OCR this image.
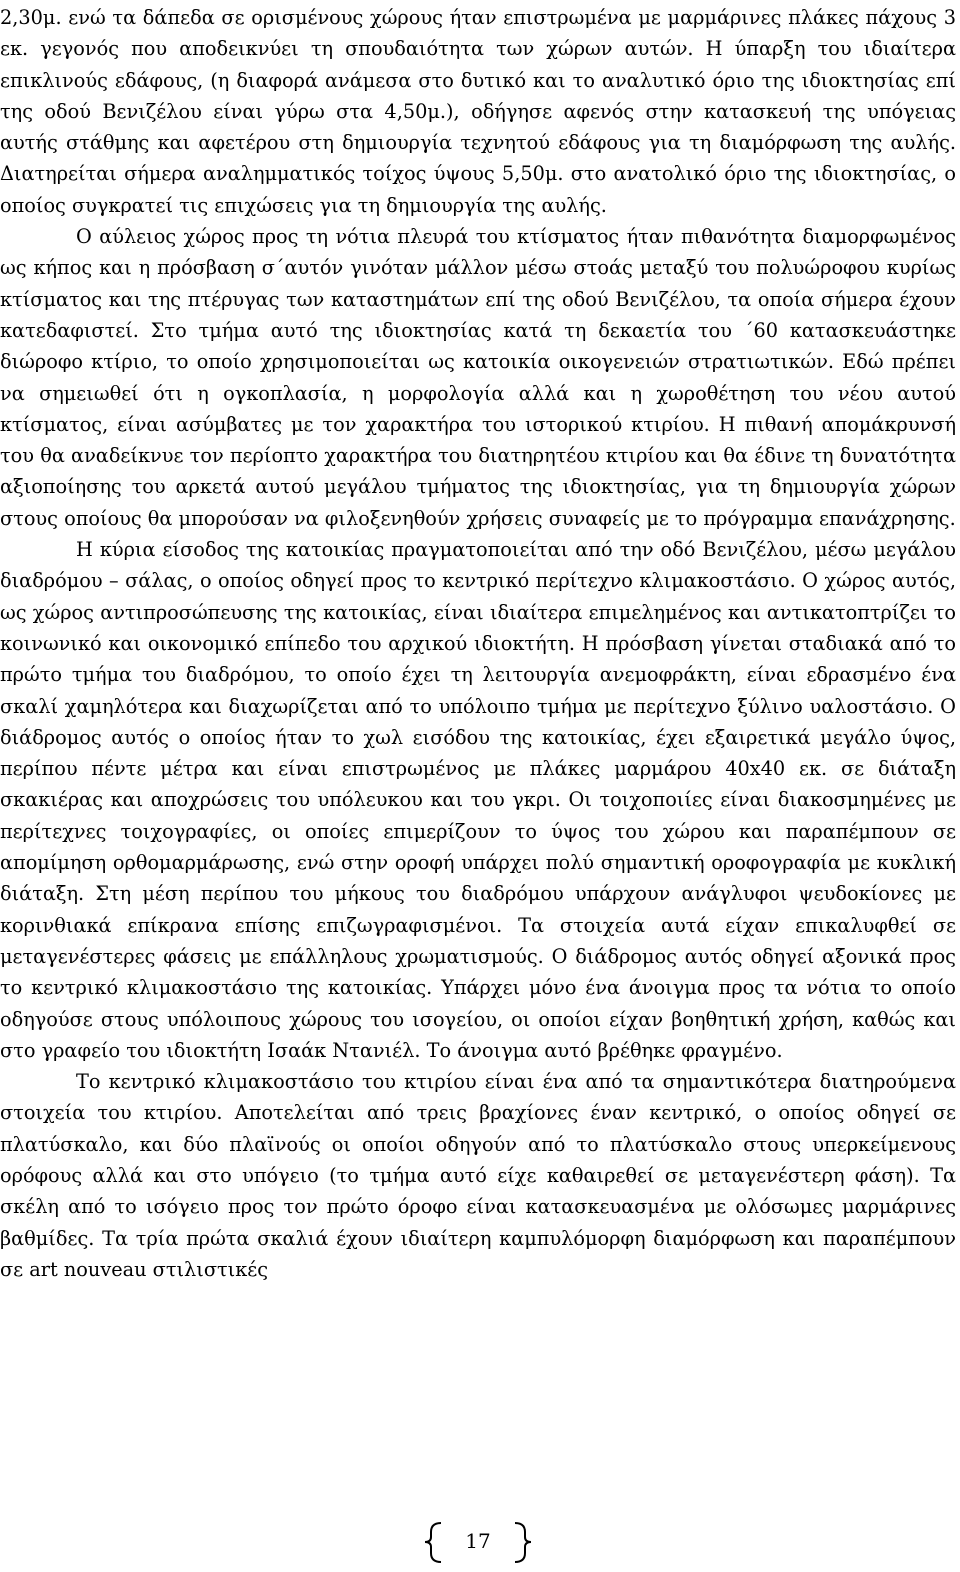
2,30μ. ενώ τα δάπεδα σε ορισμένους χώρους ήταν επιστρωμένα με μαρμάρινες πλάκες πάχους 3 εκ. γεγονός που αποδεικνύει τη σπουδαιότητα των χώρων αυτών. Η ύπαρξη του ιδιαίτερα επικλινούς εδάφους, (η διαφορά ανάμεσα στο δυτικό και το αναλυτικό όριο της ιδιοκτησίας επί της οδού Βενιζέλου είναι γύρω στα 4,50μ.), οδήγησε αφενός στην κατασκευή της υπόγειας αυτής στάθμης και αφετέρου στη δημιουργία τεχνητού εδάφους για τη διαμόρφωση της αυλής. Διατηρείται σήμερα αναλημματικός τοίχος ύψους 5,50μ. στο ανατολικό όριο της ιδιοκτησίας, ο οποίος συγκρατεί τις επιχώσεις για τη δημιουργία της αυλής.

Ο αύλειος χώρος προς τη νότια πλευρά του κτίσματος ήταν πιθανότητα διαμορφωμένος ως κήπος και η πρόσβαση σ΄αυτόν γινόταν μάλλον μέσω στοάς μεταξύ του πολυώροφου κυρίως κτίσματος και της πτέρυγας των καταστημάτων επί της οδού Βενιζέλου, τα οποία σήμερα έχουν κατεδαφιστεί. Στο τμήμα αυτό της ιδιοκτησίας κατά τη δεκαετία του ΄60 κατασκευάστηκε διώροφο κτίριο, το οποίο χρησιμοποιείται ως κατοικία οικογενειών στρατιωτικών. Εδώ πρέπει να σημειωθεί ότι η ογκοπλασία, η μορφολογία αλλά και η χωροθέτηση του νέου αυτού κτίσματος, είναι ασύμβατες με τον χαρακτήρα του ιστορικού κτιρίου. Η πιθανή απομάκρυνσή του θα αναδείκνυε τον περίοπτο χαρακτήρα του διατηρητέου κτιρίου και θα έδινε τη δυνατότητα αξιοποίησης του αρκετά αυτού μεγάλου τμήματος της ιδιοκτησίας, για τη δημιουργία χώρων στους οποίους θα μπορούσαν να φιλοξενηθούν χρήσεις συναφείς με το πρόγραμμα επανάχρησης.

Η κύρια είσοδος της κατοικίας πραγματοποιείται από την οδό Βενιζέλου, μέσω μεγάλου διαδρόμου – σάλας, ο οποίος οδηγεί προς το κεντρικό περίτεχνο κλιμακοστάσιο. Ο χώρος αυτός, ως χώρος αντιπροσώπευσης της κατοικίας, είναι ιδιαίτερα επιμελημένος και αντικατοπτρίζει το κοινωνικό και οικονομικό επίπεδο του αρχικού ιδιοκτήτη. Η πρόσβαση γίνεται σταδιακά από το πρώτο τμήμα του διαδρόμου, το οποίο έχει τη λειτουργία ανεμοφράκτη, είναι εδρασμένο ένα σκαλί χαμηλότερα και διαχωρίζεται από το υπόλοιπο τμήμα με περίτεχνο ξύλινο υαλοστάσιο. Ο διάδρομος αυτός ο οποίος ήταν το χωλ εισόδου της κατοικίας, έχει εξαιρετικά μεγάλο ύψος, περίπου πέντε μέτρα και είναι επιστρωμένος με πλάκες μαρμάρου 40x40 εκ. σε διάταξη σκακιέρας και αποχρώσεις του υπόλευκου και του γκρι. Οι τοιχοποιίες είναι διακοσμημένες με περίτεχνες τοιχογραφίες, οι οποίες επιμερίζουν το ύψος του χώρου και παραπέμπουν σε απομίμηση ορθομαρμάρωσης, ενώ στην οροφή υπάρχει πολύ σημαντική οροφογραφία με κυκλική διάταξη. Στη μέση περίπου του μήκους του διαδρόμου υπάρχουν ανάγλυφοι ψευδοκίονες με κορινθιακά επίκρανα επίσης επιζωγραφισμένοι. Τα στοιχεία αυτά είχαν επικαλυφθεί σε μεταγενέστερες φάσεις με επάλληλους χρωματισμούς. Ο διάδρομος αυτός οδηγεί αξονικά προς το κεντρικό κλιμακοστάσιο της κατοικίας. Υπάρχει μόνο ένα άνοιγμα προς τα νότια το οποίο οδηγούσε στους υπόλοιπους χώρους του ισογείου, οι οποίοι είχαν βοηθητική χρήση, καθώς και στο γραφείο του ιδιοκτήτη Ισαάκ Ντανιέλ. Το άνοιγμα αυτό βρέθηκε φραγμένο.

Το κεντρικό κλιμακοστάσιο του κτιρίου είναι ένα από τα σημαντικότερα διατηρούμενα στοιχεία του κτιρίου. Αποτελείται από τρεις βραχίονες έναν κεντρικό, ο οποίος οδηγεί σε πλατύσκαλο, και δύο πλαϊνούς οι οποίοι οδηγούν από το πλατύσκαλο στους υπερκείμενους ορόφους αλλά και στο υπόγειο (το τμήμα αυτό είχε καθαιρεθεί σε μεταγενέστερη φάση). Τα σκέλη από το ισόγειο προς τον πρώτο όροφο είναι κατασκευασμένα με ολόσωμες μαρμάρινες βαθμίδες. Τα τρία πρώτα σκαλιά έχουν ιδιαίτερη καμπυλόμορφη διαμόρφωση και παραπέμπουν σε art nouveau στιλιστικές

17
